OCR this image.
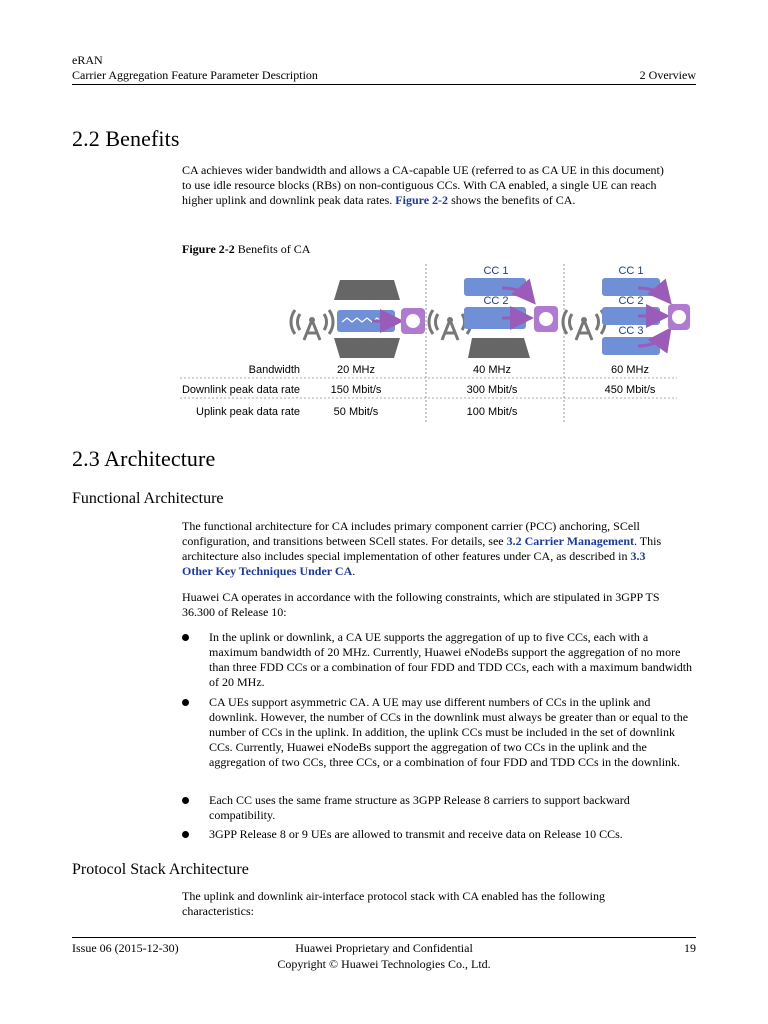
eRAN
Carrier Aggregation Feature Parameter Description	2 Overview
2.2 Benefits
CA achieves wider bandwidth and allows a CA-capable UE (referred to as CA UE in this document) to use idle resource blocks (RBs) on non-contiguous CCs. With CA enabled, a single UE can reach higher uplink and downlink peak data rates. Figure 2-2 shows the benefits of CA.
Figure 2-2 Benefits of CA
CC 1
CC 2
CC 1
CC 2
CC 3
Bandwidth
Downlink peak data rate
Uplink peak data rate
20 MHz
150 Mbit/s
50 Mbit/s
40 MHz
300 Mbit/s
100 Mbit/s
60 MHz
450 Mbit/s
2.3 Architecture
Functional Architecture
The functional architecture for CA includes primary component carrier (PCC) anchoring, SCell configuration, and transitions between SCell states. For details, see 3.2 Carrier Management. This architecture also includes special implementation of other features under CA, as described in 3.3 Other Key Techniques Under CA.
Huawei CA operates in accordance with the following constraints, which are stipulated in 3GPP TS 36.300 of Release 10:
In the uplink or downlink, a CA UE supports the aggregation of up to five CCs, each with a maximum bandwidth of 20 MHz. Currently, Huawei eNodeBs support the aggregation of no more than three FDD CCs or a combination of four FDD and TDD CCs, each with a maximum bandwidth of 20 MHz.
CA UEs support asymmetric CA. A UE may use different numbers of CCs in the uplink and downlink. However, the number of CCs in the downlink must always be greater than or equal to the number of CCs in the uplink. In addition, the uplink CCs must be included in the set of downlink CCs. Currently, Huawei eNodeBs support the aggregation of two CCs in the uplink and the aggregation of two CCs, three CCs, or a combination of four FDD and TDD CCs in the downlink.
Each CC uses the same frame structure as 3GPP Release 8 carriers to support backward compatibility.
3GPP Release 8 or 9 UEs are allowed to transmit and receive data on Release 10 CCs.
Protocol Stack Architecture
The uplink and downlink air-interface protocol stack with CA enabled has the following characteristics:
Issue 06 (2015-12-30)	Huawei Proprietary and Confidential
Copyright © Huawei Technologies Co., Ltd.
19
